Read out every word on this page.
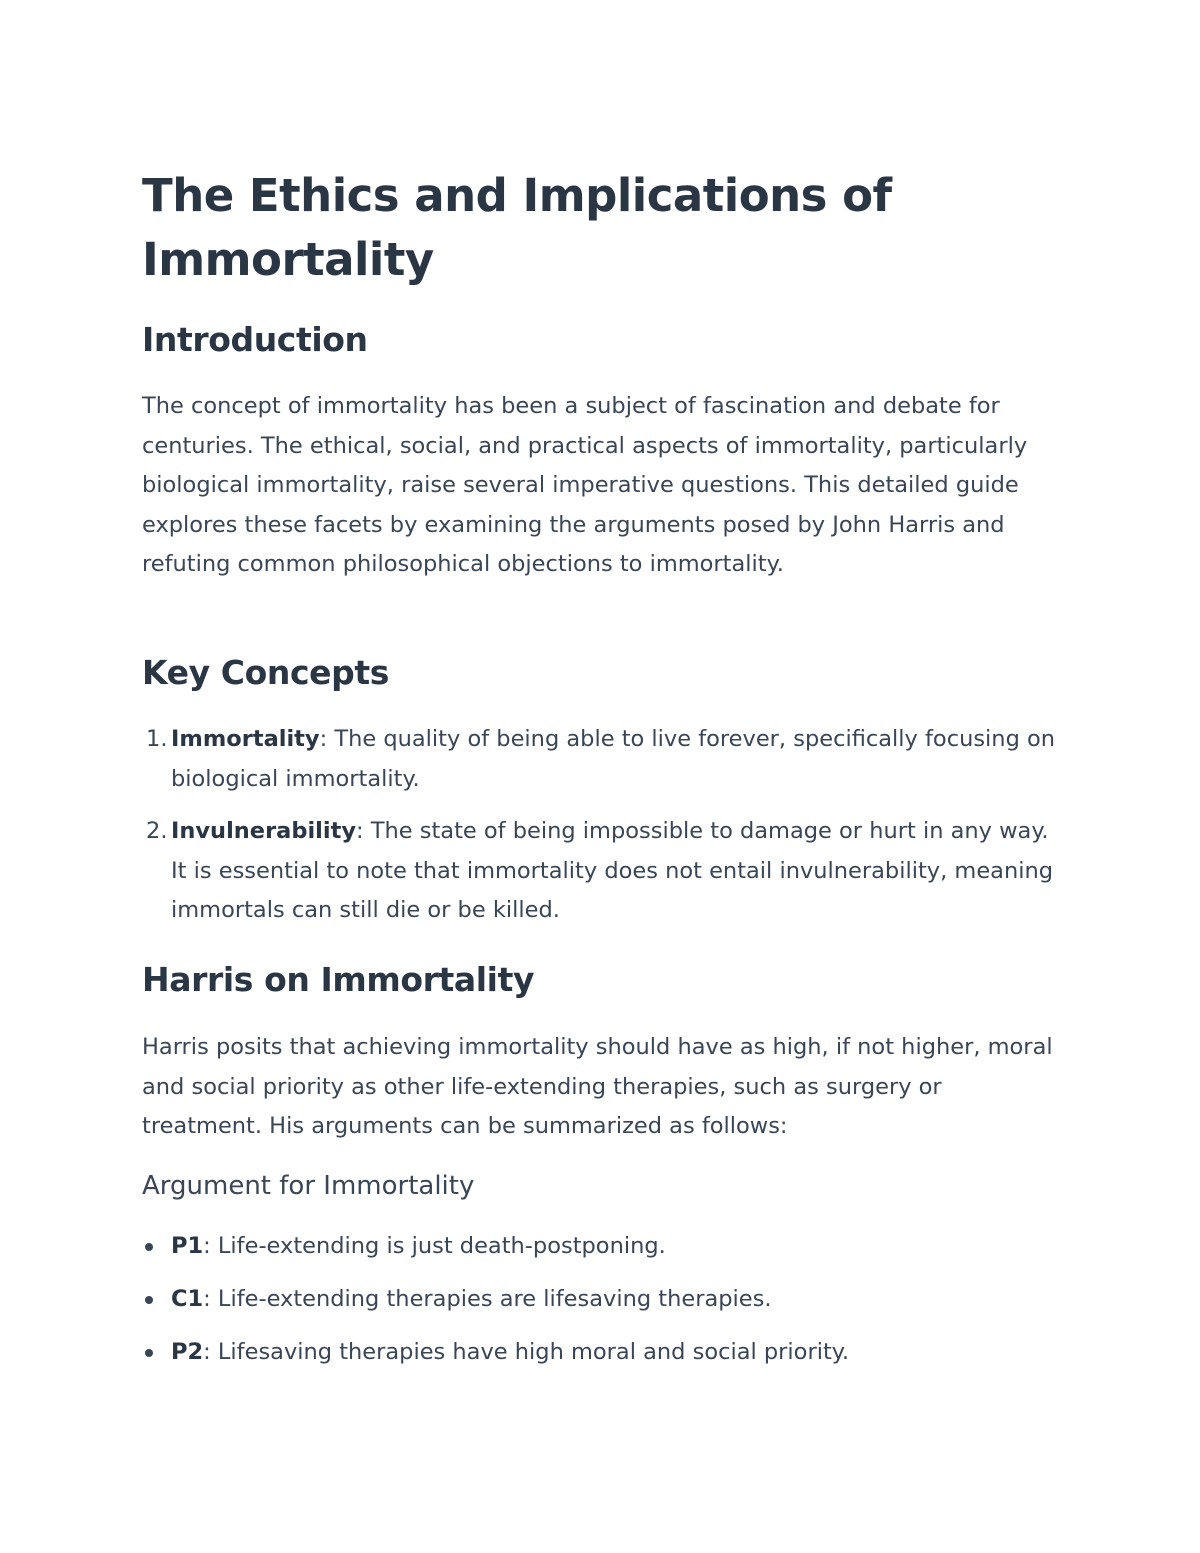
The Ethics and Implications of Immortality
Introduction

The concept of immortality has been a subject of fascination and debate for centuries. The ethical, social, and practical aspects of immortality, particularly biological immortality, raise several imperative questions. This detailed guide explores these facets by examining the arguments posed by John Harris and refuting common philosophical objections to immortality.

Key Concepts
1. Immortality: The quality of being able to live forever, specifically focusing on biological immortality.
2. Invulnerability: The state of being impossible to damage or hurt in any way. It is essential to note that immortality does not entail invulnerability, meaning immortals can still die or be killed.
Harris on Immortality

Harris posits that achieving immortality should have as high, if not higher, moral and social priority as other life-extending therapies, such as surgery or treatment. His arguments can be summarized as follows:

Argument for Immortality
P1: Life-extending is just death-postponing.
C1: Life-extending therapies are lifesaving therapies.
P2: Lifesaving therapies have high moral and social priority.
